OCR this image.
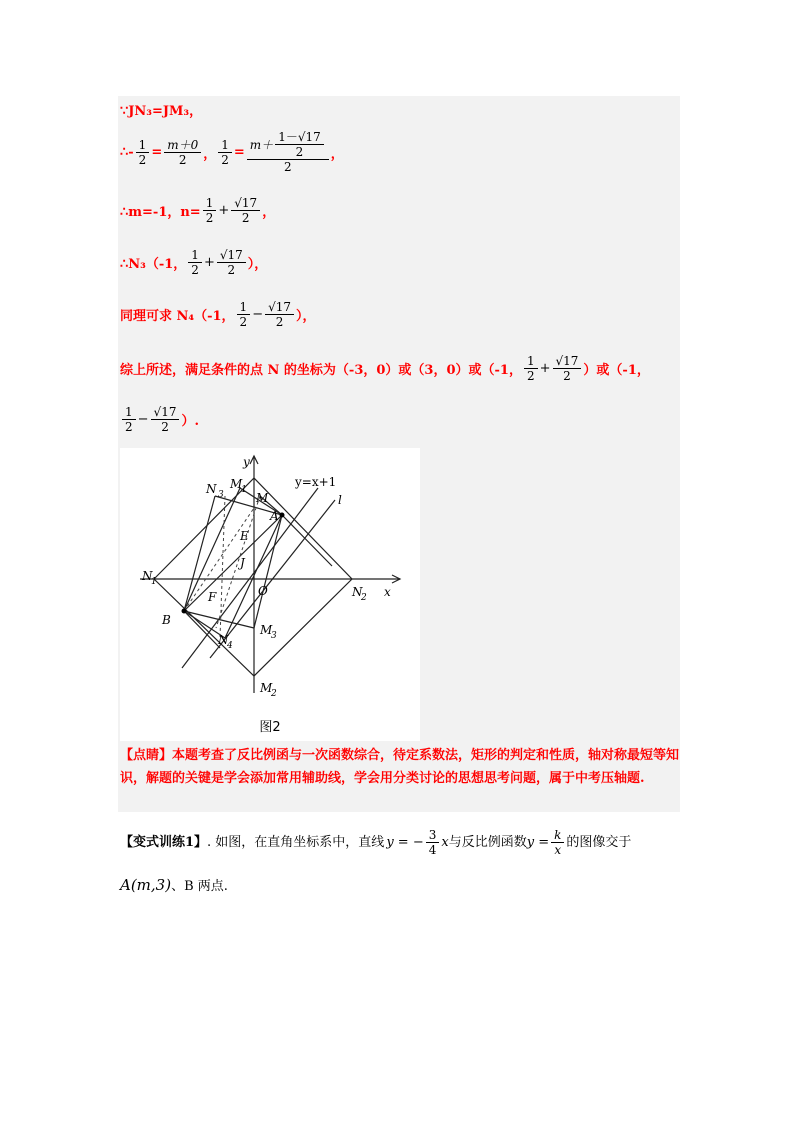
∵JN₃=JM₃，
∴- $\frac{1}{2} = \frac{m+0}{2}$ ， $\frac{1}{2} = \frac{m+ \frac{1-√17}{2}}{2}$ ，
∴m=-1，$n= \frac{1}{2} + \frac{√17}{2}$ ，
∴N₃（-1， $\frac{1}{2} + \frac{√17}{2}$ ），
同理可求 N₄（-1， $\frac{1}{2} - \frac{√17}{2}$ ），
综上所述，满足条件的点 N 的坐标为（-3，0）或（3，0）或（-1， $\frac{1}{2} + \frac{√17}{2}$ ）或（-1，
$\frac{1}{2} - \frac{√17}{2}$ ）.
y
x
y=x+1
l
N
1
N
2
N 3
N
4
M
1
M
2
M
3
M
A
B
E
J
F	O
图2
【点睛】本题考查了反比例函与一次函数综合，待定系数法，矩形的判定和性质，轴对称最短等知识，解题的关键是学会添加常用辅助线，学会用分类讨论的思想思考问题，属于中考压轴题.
【变式训练1】 . 如图，在直角坐标系中，直线 y = − $\frac{3}{4}$ x 与反比例函数 $y = \frac{k}{x}$ 的图像交于
A(m,3)、B 两点.
